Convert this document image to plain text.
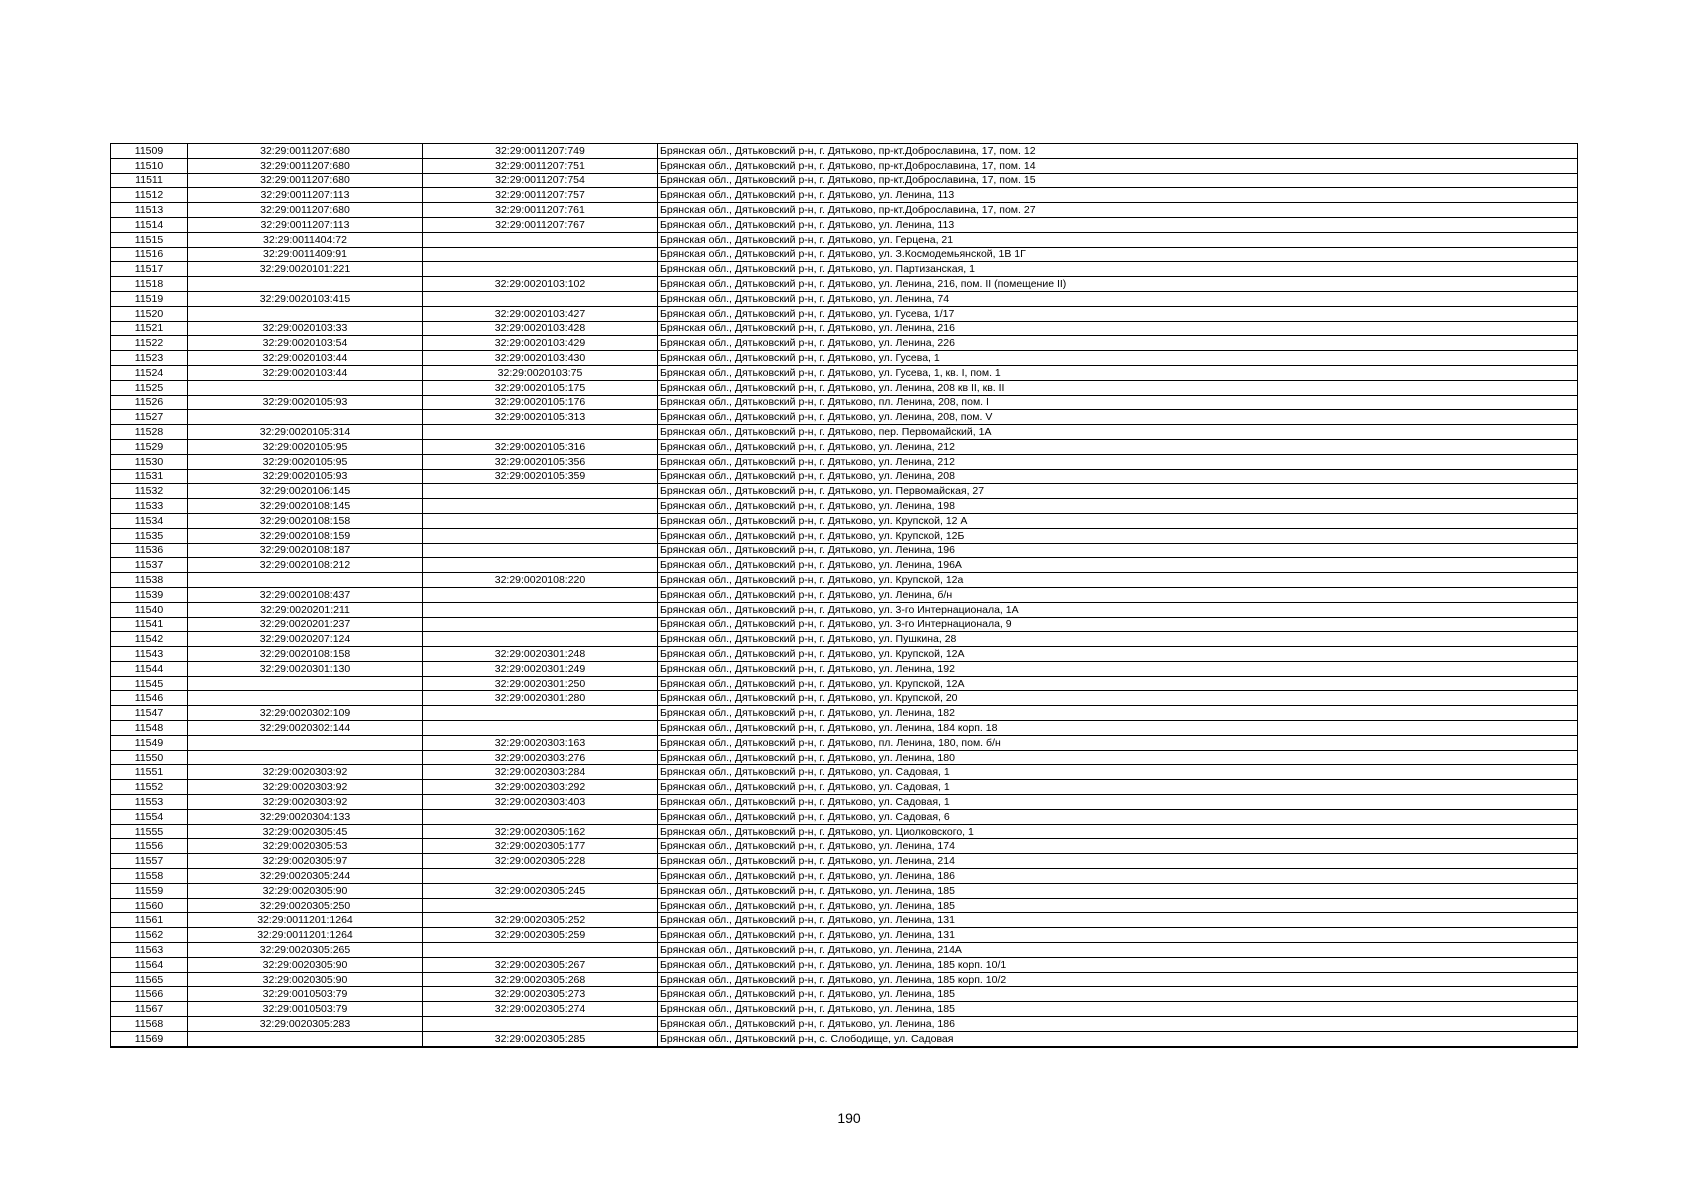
11509	32:29:0011207:680	32:29:0011207:749	Брянская обл., Дятьковский р-н, г. Дятьково, пр-кт.Доброславина, 17, пом. 12
11510	32:29:0011207:680	32:29:0011207:751	Брянская обл., Дятьковский р-н, г. Дятьково, пр-кт.Доброславина, 17, пом. 14
11511	32:29:0011207:680	32:29:0011207:754	Брянская обл., Дятьковский р-н, г. Дятьково, пр-кт.Доброславина, 17, пом. 15
11512	32:29:0011207:113	32:29:0011207:757	Брянская обл., Дятьковский р-н, г. Дятьково, ул. Ленина, 113
11513	32:29:0011207:680	32:29:0011207:761	Брянская обл., Дятьковский р-н, г. Дятьково, пр-кт.Доброславина, 17, пом. 27
11514	32:29:0011207:113	32:29:0011207:767	Брянская обл., Дятьковский р-н, г. Дятьково, ул. Ленина, 113
11515	32:29:0011404:72		Брянская обл., Дятьковский р-н, г. Дятьково, ул. Герцена, 21
11516	32:29:0011409:91		Брянская обл., Дятьковский р-н, г. Дятьково, ул. З.Космодемьянской, 1В 1Г
11517	32:29:0020101:221		Брянская обл., Дятьковский р-н, г. Дятьково, ул. Партизанская, 1
11518		32:29:0020103:102	Брянская обл., Дятьковский р-н, г. Дятьково, ул. Ленина, 216, пом. II (помещение II)
11519	32:29:0020103:415		Брянская обл., Дятьковский р-н, г. Дятьково, ул. Ленина, 74
11520		32:29:0020103:427	Брянская обл., Дятьковский р-н, г. Дятьково, ул. Гусева, 1/17
11521	32:29:0020103:33	32:29:0020103:428	Брянская обл., Дятьковский р-н, г. Дятьково, ул. Ленина, 216
11522	32:29:0020103:54	32:29:0020103:429	Брянская обл., Дятьковский р-н, г. Дятьково, ул. Ленина, 226
11523	32:29:0020103:44	32:29:0020103:430	Брянская обл., Дятьковский р-н, г. Дятьково, ул. Гусева, 1
11524	32:29:0020103:44	32:29:0020103:75	Брянская обл., Дятьковский р-н, г. Дятьково, ул. Гусева, 1, кв. I, пом. 1
11525		32:29:0020105:175	Брянская обл., Дятьковский р-н, г. Дятьково, ул. Ленина, 208 кв II, кв. II
11526	32:29:0020105:93	32:29:0020105:176	Брянская обл., Дятьковский р-н, г. Дятьково, пл. Ленина, 208, пом. I
11527		32:29:0020105:313	Брянская обл., Дятьковский р-н, г. Дятьково, ул. Ленина, 208, пом. V
11528	32:29:0020105:314		Брянская обл., Дятьковский р-н, г. Дятьково, пер. Первомайский, 1А
11529	32:29:0020105:95	32:29:0020105:316	Брянская обл., Дятьковский р-н, г. Дятьково, ул. Ленина, 212
11530	32:29:0020105:95	32:29:0020105:356	Брянская обл., Дятьковский р-н, г. Дятьково, ул. Ленина, 212
11531	32:29:0020105:93	32:29:0020105:359	Брянская обл., Дятьковский р-н, г. Дятьково, ул. Ленина, 208
11532	32:29:0020106:145		Брянская обл., Дятьковский р-н, г. Дятьково, ул. Первомайская, 27
11533	32:29:0020108:145		Брянская обл., Дятьковский р-н, г. Дятьково, ул. Ленина, 198
11534	32:29:0020108:158		Брянская обл., Дятьковский р-н, г. Дятьково, ул. Крупской, 12 А
11535	32:29:0020108:159		Брянская обл., Дятьковский р-н, г. Дятьково, ул. Крупской, 12Б
11536	32:29:0020108:187		Брянская обл., Дятьковский р-н, г. Дятьково, ул. Ленина, 196
11537	32:29:0020108:212		Брянская обл., Дятьковский р-н, г. Дятьково, ул. Ленина, 196А
11538		32:29:0020108:220	Брянская обл., Дятьковский р-н, г. Дятьково, ул. Крупской, 12а
11539	32:29:0020108:437		Брянская обл., Дятьковский р-н, г. Дятьково, ул. Ленина, б/н
11540	32:29:0020201:211		Брянская обл., Дятьковский р-н, г. Дятьково, ул. 3-го Интернационала, 1А
11541	32:29:0020201:237		Брянская обл., Дятьковский р-н, г. Дятьково, ул. 3-го Интернационала, 9
11542	32:29:0020207:124		Брянская обл., Дятьковский р-н, г. Дятьково, ул. Пушкина, 28
11543	32:29:0020108:158	32:29:0020301:248	Брянская обл., Дятьковский р-н, г. Дятьково, ул. Крупской, 12А
11544	32:29:0020301:130	32:29:0020301:249	Брянская обл., Дятьковский р-н, г. Дятьково, ул. Ленина, 192
11545		32:29:0020301:250	Брянская обл., Дятьковский р-н, г. Дятьково, ул. Крупской, 12А
11546		32:29:0020301:280	Брянская обл., Дятьковский р-н, г. Дятьково, ул. Крупской, 20
11547	32:29:0020302:109		Брянская обл., Дятьковский р-н, г. Дятьково, ул. Ленина, 182
11548	32:29:0020302:144		Брянская обл., Дятьковский р-н, г. Дятьково, ул. Ленина, 184 корп. 18
11549		32:29:0020303:163	Брянская обл., Дятьковский р-н, г. Дятьково, пл. Ленина, 180, пом. б/н
11550		32:29:0020303:276	Брянская обл., Дятьковский р-н, г. Дятьково, ул. Ленина, 180
11551	32:29:0020303:92	32:29:0020303:284	Брянская обл., Дятьковский р-н, г. Дятьково, ул. Садовая, 1
11552	32:29:0020303:92	32:29:0020303:292	Брянская обл., Дятьковский р-н, г. Дятьково, ул. Садовая, 1
11553	32:29:0020303:92	32:29:0020303:403	Брянская обл., Дятьковский р-н, г. Дятьково, ул. Садовая, 1
11554	32:29:0020304:133		Брянская обл., Дятьковский р-н, г. Дятьково, ул. Садовая, 6
11555	32:29:0020305:45	32:29:0020305:162	Брянская обл., Дятьковский р-н, г. Дятьково, ул. Циолковского, 1
11556	32:29:0020305:53	32:29:0020305:177	Брянская обл., Дятьковский р-н, г. Дятьково, ул. Ленина, 174
11557	32:29:0020305:97	32:29:0020305:228	Брянская обл., Дятьковский р-н, г. Дятьково, ул. Ленина, 214
11558	32:29:0020305:244		Брянская обл., Дятьковский р-н, г. Дятьково, ул. Ленина, 186
11559	32:29:0020305:90	32:29:0020305:245	Брянская обл., Дятьковский р-н, г. Дятьково, ул. Ленина, 185
11560	32:29:0020305:250		Брянская обл., Дятьковский р-н, г. Дятьково, ул. Ленина, 185
11561	32:29:0011201:1264	32:29:0020305:252	Брянская обл., Дятьковский р-н, г. Дятьково, ул. Ленина, 131
11562	32:29:0011201:1264	32:29:0020305:259	Брянская обл., Дятьковский р-н, г. Дятьково, ул. Ленина, 131
11563	32:29:0020305:265		Брянская обл., Дятьковский р-н, г. Дятьково, ул. Ленина, 214А
11564	32:29:0020305:90	32:29:0020305:267	Брянская обл., Дятьковский р-н, г. Дятьково, ул. Ленина, 185 корп. 10/1
11565	32:29:0020305:90	32:29:0020305:268	Брянская обл., Дятьковский р-н, г. Дятьково, ул. Ленина, 185 корп. 10/2
11566	32:29:0010503:79	32:29:0020305:273	Брянская обл., Дятьковский р-н, г. Дятьково, ул. Ленина, 185
11567	32:29:0010503:79	32:29:0020305:274	Брянская обл., Дятьковский р-н, г. Дятьково, ул. Ленина, 185
11568	32:29:0020305:283		Брянская обл., Дятьковский р-н, г. Дятьково, ул. Ленина, 186
11569		32:29:0020305:285	Брянская обл., Дятьковский р-н, с. Слободище, ул. Садовая
190
